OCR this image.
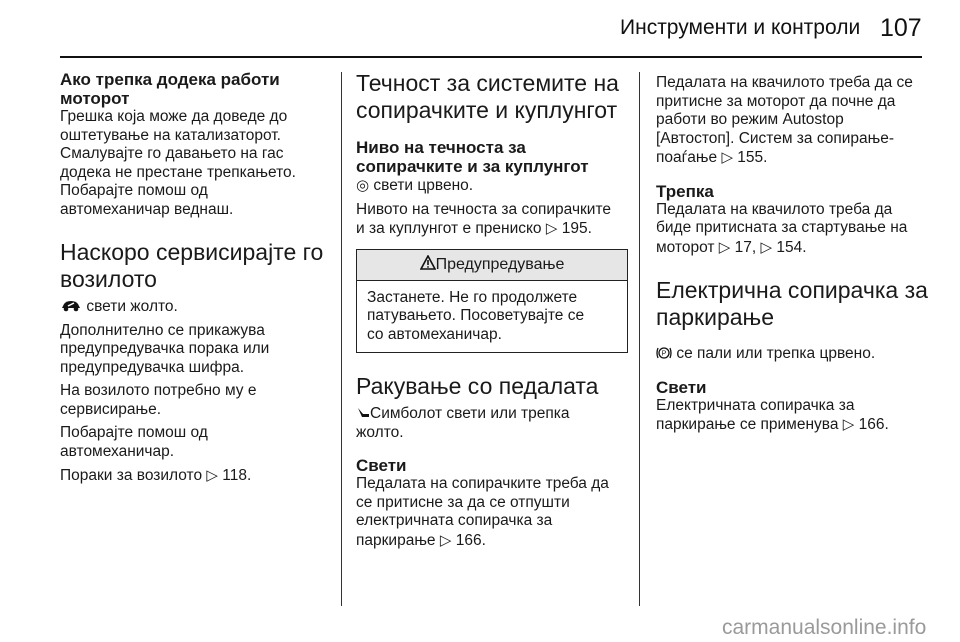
Инструменти и контроли 107
Ако трепка додека работи моторот

Грешка која може да доведе до
оштетување на катализаторот.
Смалувајте го давањето на гас
додека не престане трепкањето.
Побарајте помош од
автомеханичар веднаш.

Наскоро сервисирајте го
возилото

свети жолто.

Дополнително се прикажува
предупредувачка порака или
предупредувачка шифра.

На возилото потребно му е
сервисирање.

Побарајте помош од
автомеханичар.

Пораки за возилото ▷ 118.

Течност за системите на
сопирачките и куплунгот
Ниво на течноста за
сопирачките и за куплунгот

◎ свети црвено.

Нивото на течноста за сопирачките
и за куплунгот е прениско ▷ 195.

Предупредување

Застанете. Не го продолжете
патувањето. Посоветувајте се
со автомеханичар.

Ракување со педалата

Симболот свети или трепка
жолто.

Свети

Педалата на сопирачките треба да
се притисне за да се отпушти
електричната сопирачка за
паркирање ▷ 166.

Педалата на квачилото треба да се
притисне за моторот да почне да
работи во режим Autostop
[Автостоп]. Систем за сопирање-
поаѓање ▷ 155.

Трепка

Педалата на квачилото треба да
биде притисната за стартување на
моторот ▷ 17, ▷ 154.

Електрична сопирачка за
паркирање

P се пали или трепка црвено.

Свети

Електричната сопирачка за
паркирање се применува ▷ 166.

carmanualsonline.info
